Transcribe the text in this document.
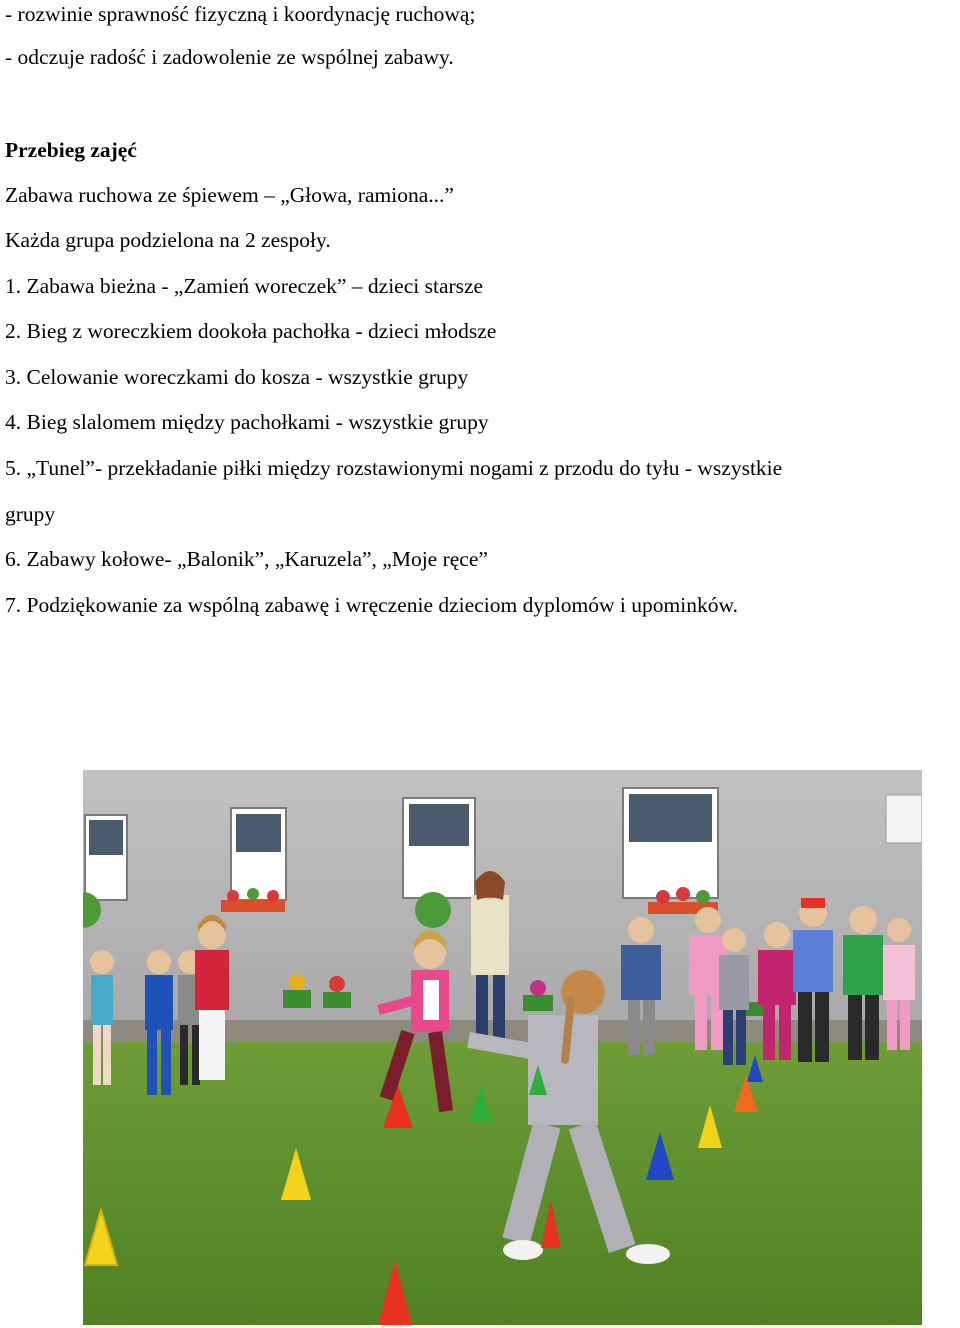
- rozwinie sprawność fizyczną i koordynację ruchową;
- odczuje radość i zadowolenie ze wspólnej zabawy.
Przebieg zajęć
Zabawa ruchowa ze śpiewem – „Głowa, ramiona...”
Każda grupa podzielona na 2 zespoły.
1. Zabawa bieżna - „Zamień woreczek” – dzieci starsze
2. Bieg z woreczkiem dookoła pachołka - dzieci młodsze
3. Celowanie woreczkami do kosza - wszystkie grupy
4. Bieg slalomem między pachołkami - wszystkie grupy
5. „Tunel”- przekładanie piłki między rozstawionymi nogami z przodu do tyłu - wszystkie
grupy
6. Zabawy kołowe- „Balonik”, „Karuzela”, „Moje ręce”
7. Podziękowanie za wspólną zabawę i wręczenie dzieciom dyplomów i upominków.
